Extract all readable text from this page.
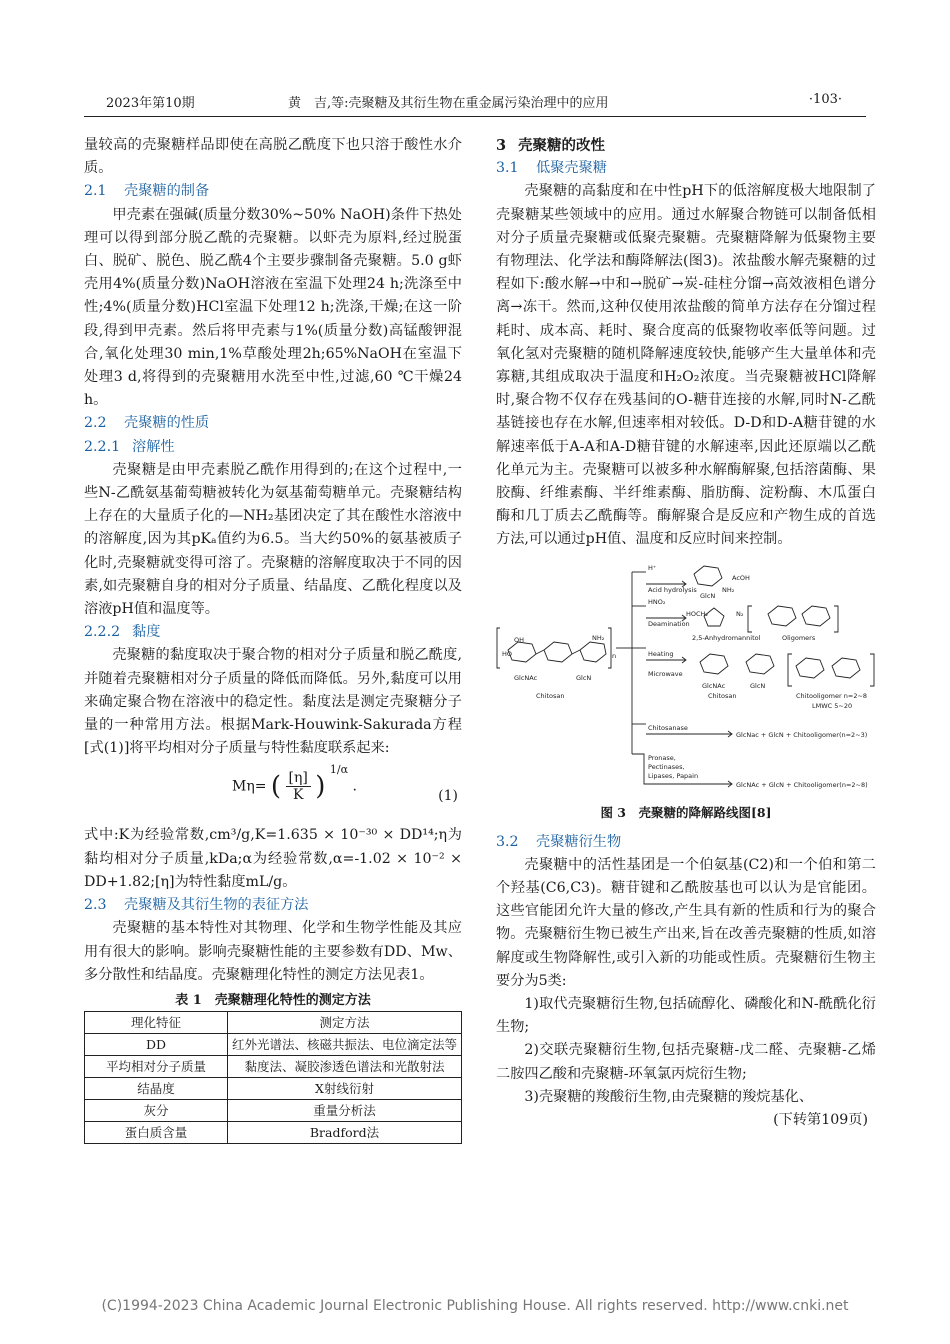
2023年第10期	黄　吉,等:壳聚糖及其衍生物在重金属污染治理中的应用	·103·

量较高的壳聚糖样品即使在高脱乙酰度下也只溶于酸性水介质。

2.1 壳聚糖的制备

甲壳素在强碱(质量分数30%~50% NaOH)条件下热处理可以得到部分脱乙酰的壳聚糖。以虾壳为原料,经过脱蛋白、脱矿、脱色、脱乙酰4个主要步骤制备壳聚糖。5.0 g虾壳用4%(质量分数)NaOH溶液在室温下处理24 h;洗涤至中性;4%(质量分数)HCl室温下处理12 h;洗涤,干燥;在这一阶段,得到甲壳素。然后将甲壳素与1%(质量分数)高锰酸钾混合,氧化处理30 min,1%草酸处理2h;65%NaOH在室温下处理3 d,将得到的壳聚糖用水洗至中性,过滤,60 ℃干燥24 h。

2.2 壳聚糖的性质

2.2.1 溶解性

壳聚糖是由甲壳素脱乙酰作用得到的;在这个过程中,一些N-乙酰氨基葡萄糖被转化为氨基葡萄糖单元。壳聚糖结构上存在的大量质子化的—NH₂基团决定了其在酸性水溶液中的溶解度,因为其pKₐ值约为6.5。当大约50%的氨基被质子化时,壳聚糖就变得可溶了。壳聚糖的溶解度取决于不同的因素,如壳聚糖自身的相对分子质量、结晶度、乙酰化程度以及溶液pH值和温度等。

2.2.2 黏度

壳聚糖的黏度取决于聚合物的相对分子质量和脱乙酰度,并随着壳聚糖相对分子质量的降低而降低。另外,黏度可以用来确定聚合物在溶液中的稳定性。黏度法是测定壳聚糖分子量的一种常用方法。根据Mark-Houwink-Sakurada方程[式(1)]将平均相对分子质量与特性黏度联系起来:

Mη= ( $\frac{[\eta]}{K}$ ) $^{1/\alpha}$ .
(1)

式中:K为经验常数,cm³/g,K=1.635 × 10⁻³⁰ × DD¹⁴;η为黏均相对分子质量,kDa;α为经验常数,α=-1.02 × 10⁻² × DD+1.82;[η]为特性黏度mL/g。

2.3 壳聚糖及其衍生物的表征方法

壳聚糖的基本特性对其物理、化学和生物学性能及其应用有很大的影响。影响壳聚糖性能的主要参数有DD、Mw、多分散性和结晶度。壳聚糖理化特性的测定方法见表1。

表 1　壳聚糖理化特性的测定方法
理化特征	测定方法
DD	红外光谱法、核磁共振法、电位滴定法等
平均相对分子质量	黏度法、凝胶渗透色谱法和光散射法
结晶度	X射线衍射
灰分	重量分析法
蛋白质含量	Bradford法

3 壳聚糖的改性

3.1 低聚壳聚糖

壳聚糖的高黏度和在中性pH下的低溶解度极大地限制了壳聚糖某些领域中的应用。通过水解聚合物链可以制备低相对分子质量壳聚糖或低聚壳聚糖。壳聚糖降解为低聚物主要有物理法、化学法和酶降解法(图3)。浓盐酸水解壳聚糖的过程如下:酸水解→中和→脱矿→炭-硅柱分馏→高效液相色谱分离→冻干。然而,这种仅使用浓盐酸的简单方法存在分馏过程耗时、成本高、耗时、聚合度高的低聚物收率低等问题。过氧化氢对壳聚糖的随机降解速度较快,能够产生大量单体和壳寡糖,其组成取决于温度和H₂O₂浓度。当壳聚糖被HCl降解时,聚合物不仅存在残基间的O-糖苷连接的水解,同时N-乙酰基链接也存在水解,但速率相对较低。D-D和D-A糖苷键的水解速率低于A-A和A-D糖苷键的水解速率,因此还原端以乙酰化单元为主。壳聚糖可以被多种水解酶解聚,包括溶菌酶、果胶酶、纤维素酶、半纤维素酶、脂肪酶、淀粉酶、木瓜蛋白酶和几丁质去乙酰酶等。酶解聚合是反应和产物生成的首选方法,可以通过pH值、温度和反应时间来控制。

OH
HO
NH₂
GlcNAc	GlcN
Chitosan
n
H⁺
Acid hydrolysis
GlcN
NH₂
AcOH
HNO₂
Deamination
HOCH₂	N₂
2,5-Anhydromannitol	Oligomers
Heating
Microwave
GlcNAc	GlcN
Chitosan	Chitooligomer n=2~8
LMWC 5~20
Chitosanase
GlcNac + GlcN + Chitooligomer(n=2~3)
Pronase,
Pectinases,
Lipases, Papain
GlcNAc + GlcN + Chitooligomer(n=2~8)
图 3　壳聚糖的降解路线图[8]

3.2 壳聚糖衍生物

壳聚糖中的活性基团是一个伯氨基(C2)和一个伯和第二个羟基(C6,C3)。糖苷键和乙酰胺基也可以认为是官能团。这些官能团允许大量的修改,产生具有新的性质和行为的聚合物。壳聚糖衍生物已被生产出来,旨在改善壳聚糖的性质,如溶解度或生物降解性,或引入新的功能或性质。壳聚糖衍生物主要分为5类:

1)取代壳聚糖衍生物,包括硫醇化、磷酸化和N-酰酰化衍生物;

2)交联壳聚糖衍生物,包括壳聚糖-戊二醛、壳聚糖-乙烯二胺四乙酸和壳聚糖-环氧氯丙烷衍生物;

3)壳聚糖的羧酸衍生物,由壳聚糖的羧烷基化、

(下转第109页)

(C)1994-2023 China Academic Journal Electronic Publishing House. All rights reserved. http://www.cnki.net
